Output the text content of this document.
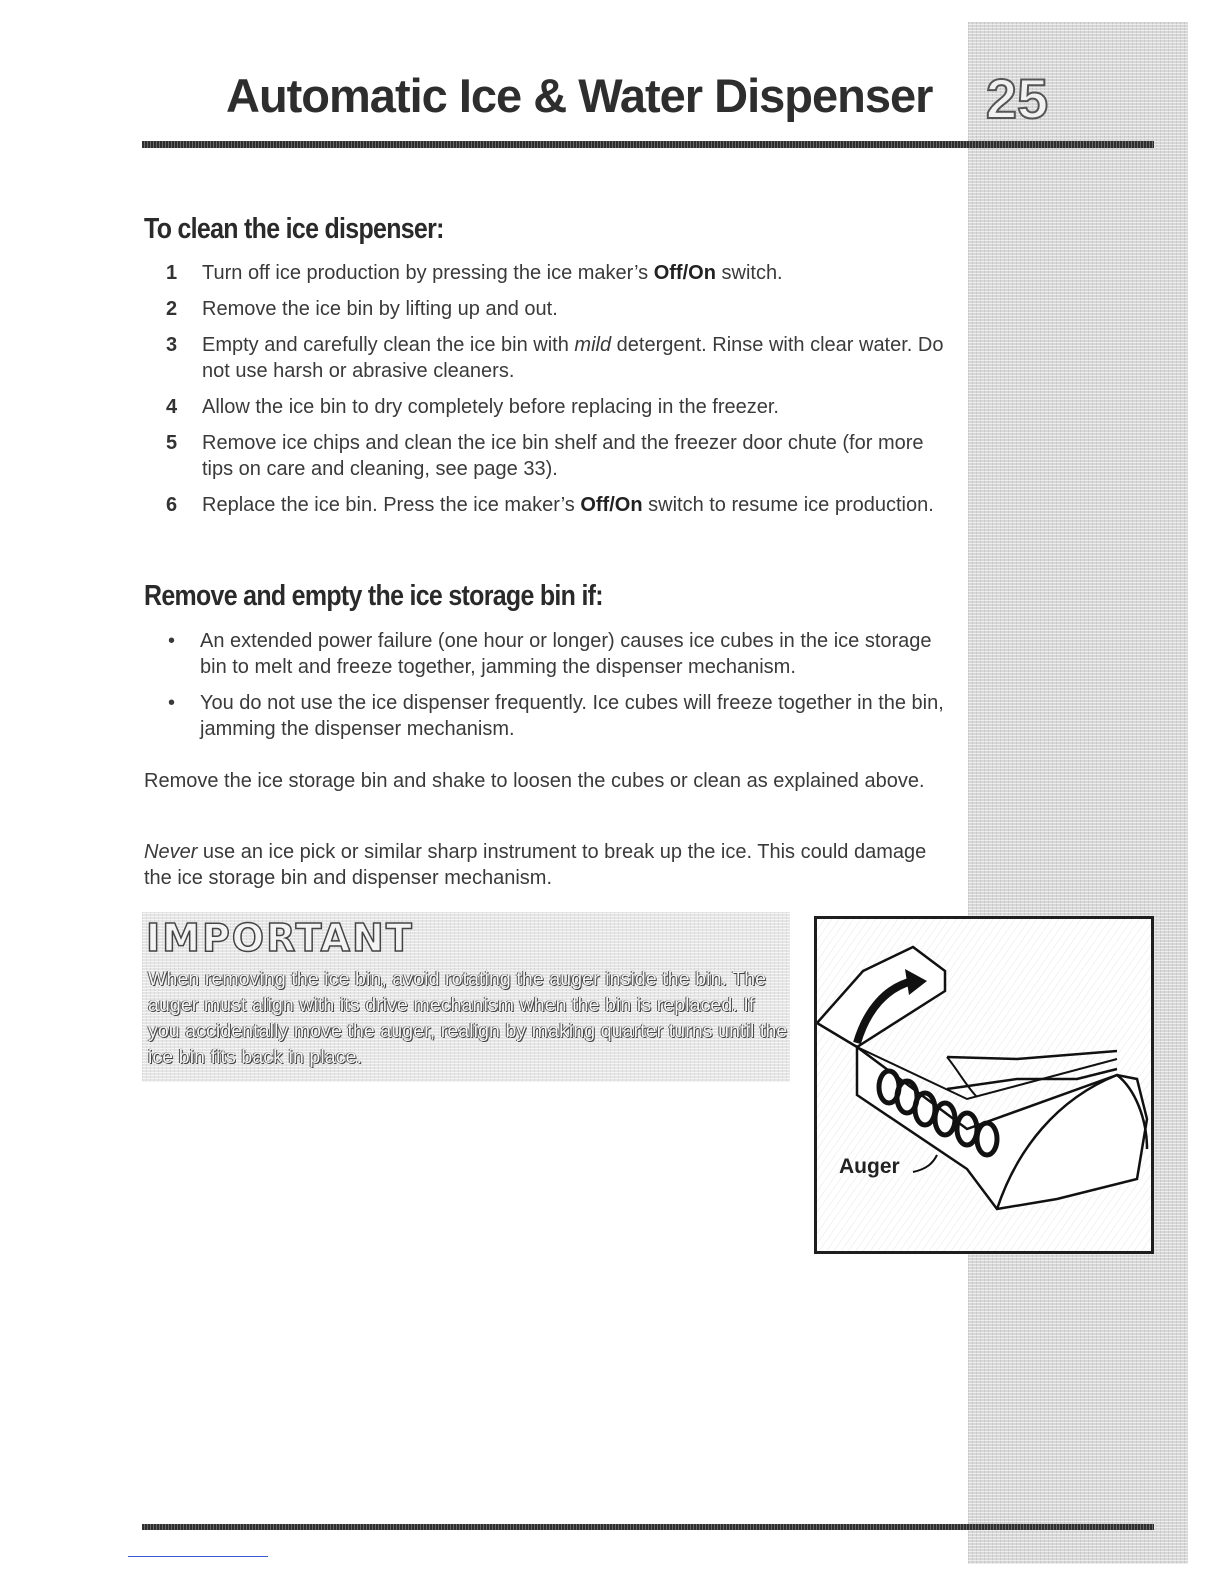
Automatic Ice & Water Dispenser 25
To clean the ice dispenser:
1	Turn off ice production by pressing the ice maker’s Off/On switch.
2	Remove the ice bin by lifting up and out.
3	Empty and carefully clean the ice bin with mild detergent. Rinse with clear water. Do not use harsh or abrasive cleaners.
4	Allow the ice bin to dry completely before replacing in the freezer.
5	Remove ice chips and clean the ice bin shelf and the freezer door chute (for more tips on care and cleaning, see page 33).
6	Replace the ice bin. Press the ice maker’s Off/On switch to resume ice production.
Remove and empty the ice storage bin if:
•	An extended power failure (one hour or longer) causes ice cubes in the ice storage bin to melt and freeze together, jamming the dispenser mechanism.
•	You do not use the ice dispenser frequently. Ice cubes will freeze together in the bin, jamming the dispenser mechanism.

Remove the ice storage bin and shake to loosen the cubes or clean as explained above.

Never use an ice pick or similar sharp instrument to break up the ice. This could damage the ice storage bin and dispenser mechanism.

IMPORTANT

When removing the ice bin, avoid rotating the auger inside the bin. The auger must align with its drive mechanism when the bin is replaced. If you accidentally move the auger, realign by making quarter turns until the ice bin fits back in place.

Auger
